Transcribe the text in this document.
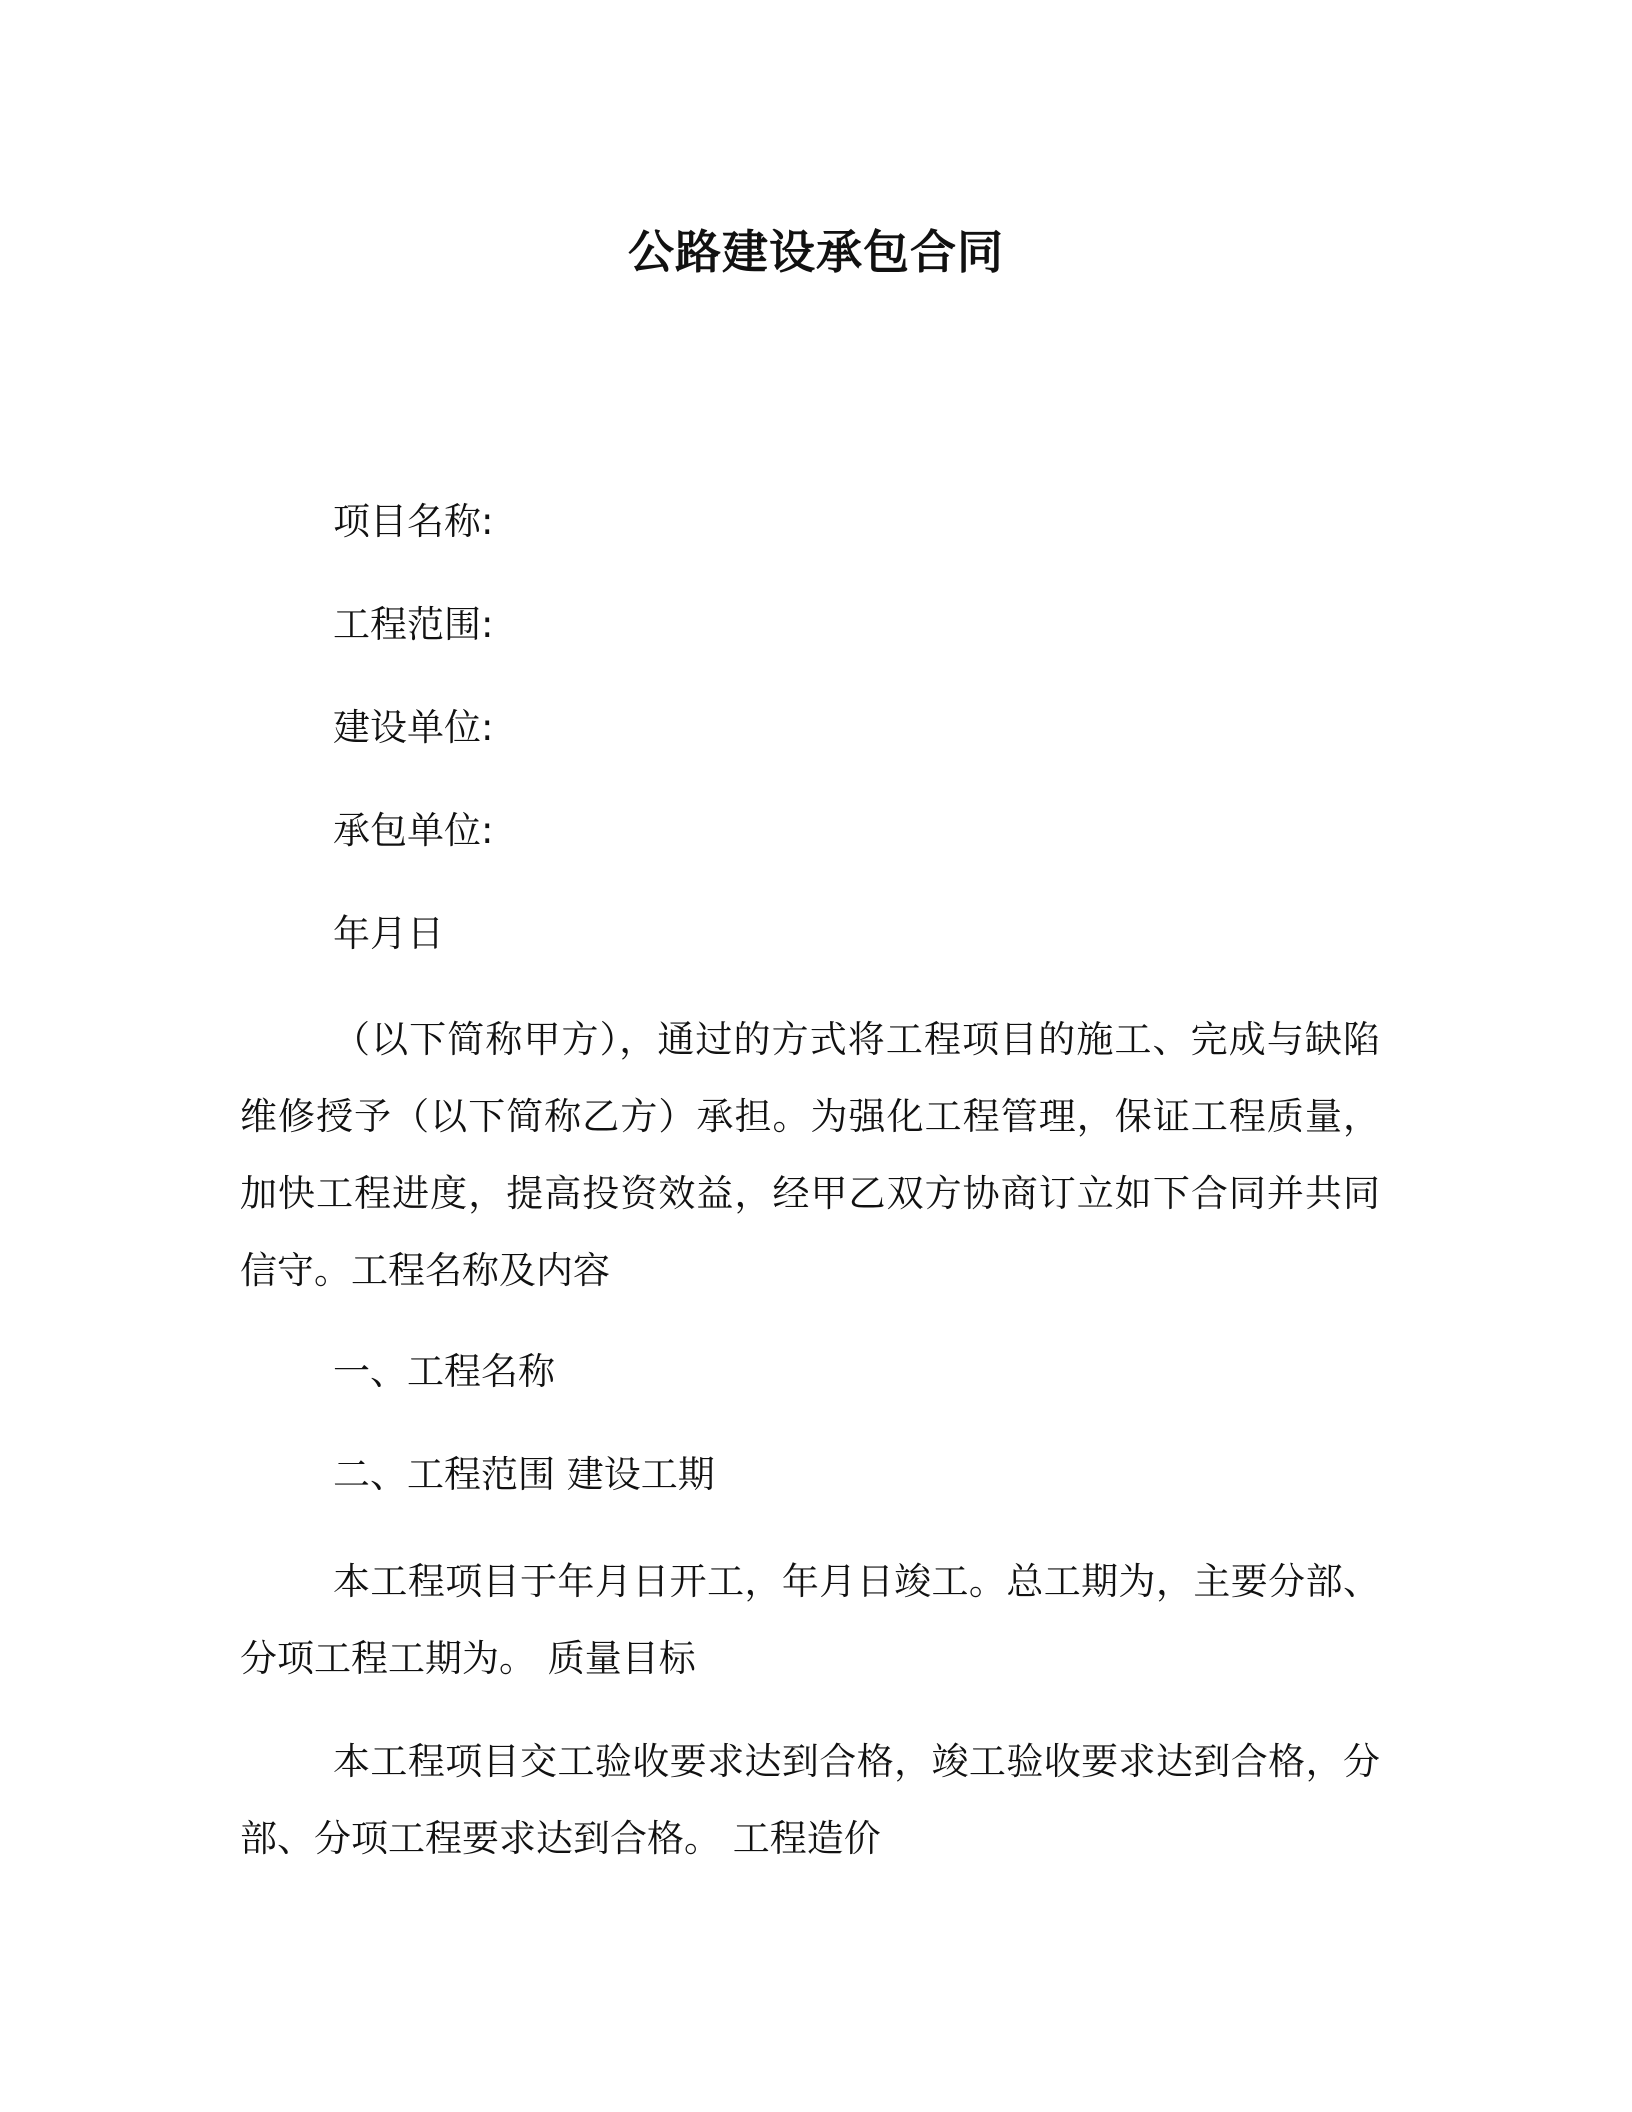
公路建设承包合同
项目名称:
工程范围:
建设单位:
承包单位:
年月日
（以下简称甲方），通过的方式将工程项目的施工、完成与缺陷维修授予（以下简称乙方）承担。为强化工程管理，保证工程质量，加快工程进度，提高投资效益，经甲乙双方协商订立如下合同并共同信守。工程名称及内容
一、工程名称
二、工程范围 建设工期
本工程项目于年月日开工，年月日竣工。总工期为，主要分部、分项工程工期为。 质量目标
本工程项目交工验收要求达到合格，竣工验收要求达到合格，分部、分项工程要求达到合格。 工程造价
